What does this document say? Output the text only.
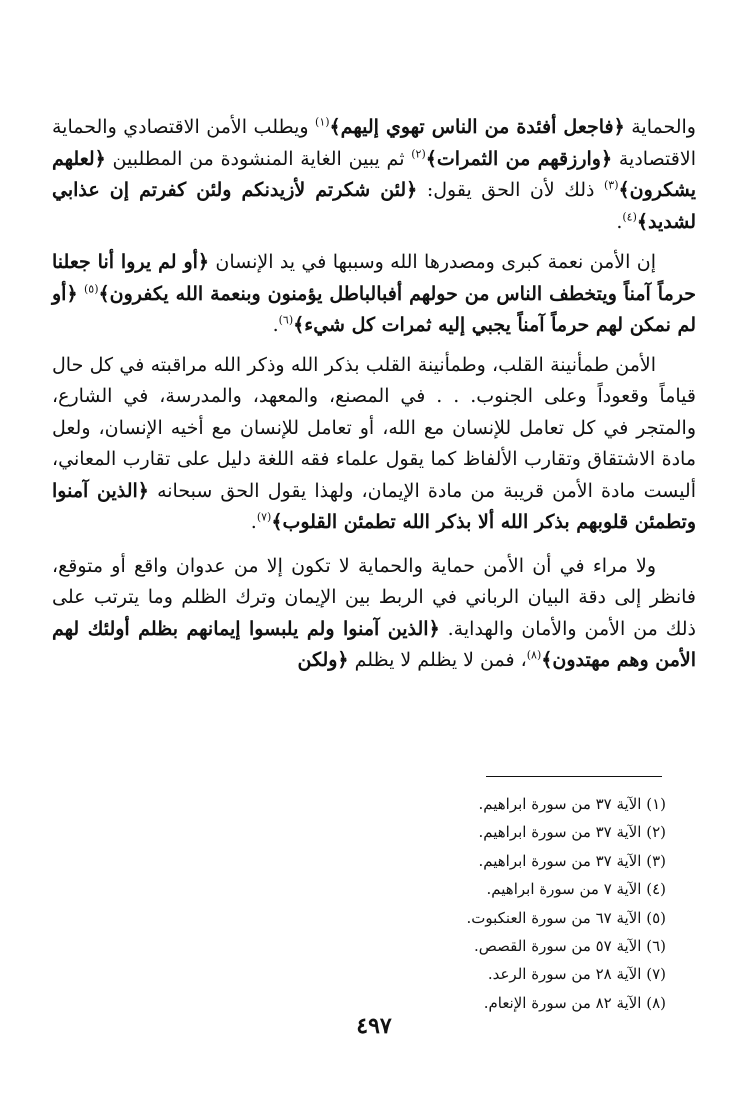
والحماية ﴿فاجعل أفئدة من الناس تهوي إليهم﴾$^{(١)}$ ويطلب الأمن الاقتصادي والحماية الاقتصادية ﴿وارزقهم من الثمرات﴾$^{(٢)}$ ثم يبين الغاية المنشودة من المطلبين ﴿لعلهم يشكرون﴾$^{(٣)}$ ذلك لأن الحق يقول: ﴿لئن شكرتم لأزيدنكم ولئن كفرتم إن عذابي لشديد﴾$^{(٤)}$.

إن الأمن نعمة كبرى ومصدرها الله وسببها في يد الإنسان ﴿أو لم يروا أنا جعلنا حرماً آمناً ويتخطف الناس من حولهم أفبالباطل يؤمنون وبنعمة الله يكفرون﴾$^{(٥)}$ ﴿أو لم نمكن لهم حرماً آمناً يجبي إليه ثمرات كل شيء﴾$^{(٦)}$.

الأمن طمأنينة القلب، وطمأنينة القلب بذكر الله وذكر الله مراقبته في كل حال قياماً وقعوداً وعلى الجنوب. . . في المصنع، والمعهد، والمدرسة، في الشارع، والمتجر في كل تعامل للإنسان مع الله، أو تعامل للإنسان مع أخيه الإنسان، ولعل مادة الاشتقاق وتقارب الألفاظ كما يقول علماء فقه اللغة دليل على تقارب المعاني، أليست مادة الأمن قريبة من مادة الإيمان، ولهذا يقول الحق سبحانه ﴿الذين آمنوا وتطمئن قلوبهم بذكر الله ألا بذكر الله تطمئن القلوب﴾$^{(٧)}$.

ولا مراء في أن الأمن حماية والحماية لا تكون إلا من عدوان واقع أو متوقع، فانظر إلى دقة البيان الرباني في الربط بين الإيمان وترك الظلم وما يترتب على ذلك من الأمن والأمان والهداية. ﴿الذين آمنوا ولم يلبسوا إيمانهم بظلم أولئك لهم الأمن وهم مهتدون﴾$^{(٨)}$، فمن لا يظلم لا يظلم ﴿ولكن

(١) الآية ٣٧ من سورة ابراهيم.
(٢) الآية ٣٧ من سورة ابراهيم.
(٣) الآية ٣٧ من سورة ابراهيم.
(٤) الآية ٧ من سورة ابراهيم.
(٥) الآية ٦٧ من سورة العنكبوت.
(٦) الآية ٥٧ من سورة القصص.
(٧) الآية ٢٨ من سورة الرعد.
(٨) الآية ٨٢ من سورة الإنعام.
٤٩٧
